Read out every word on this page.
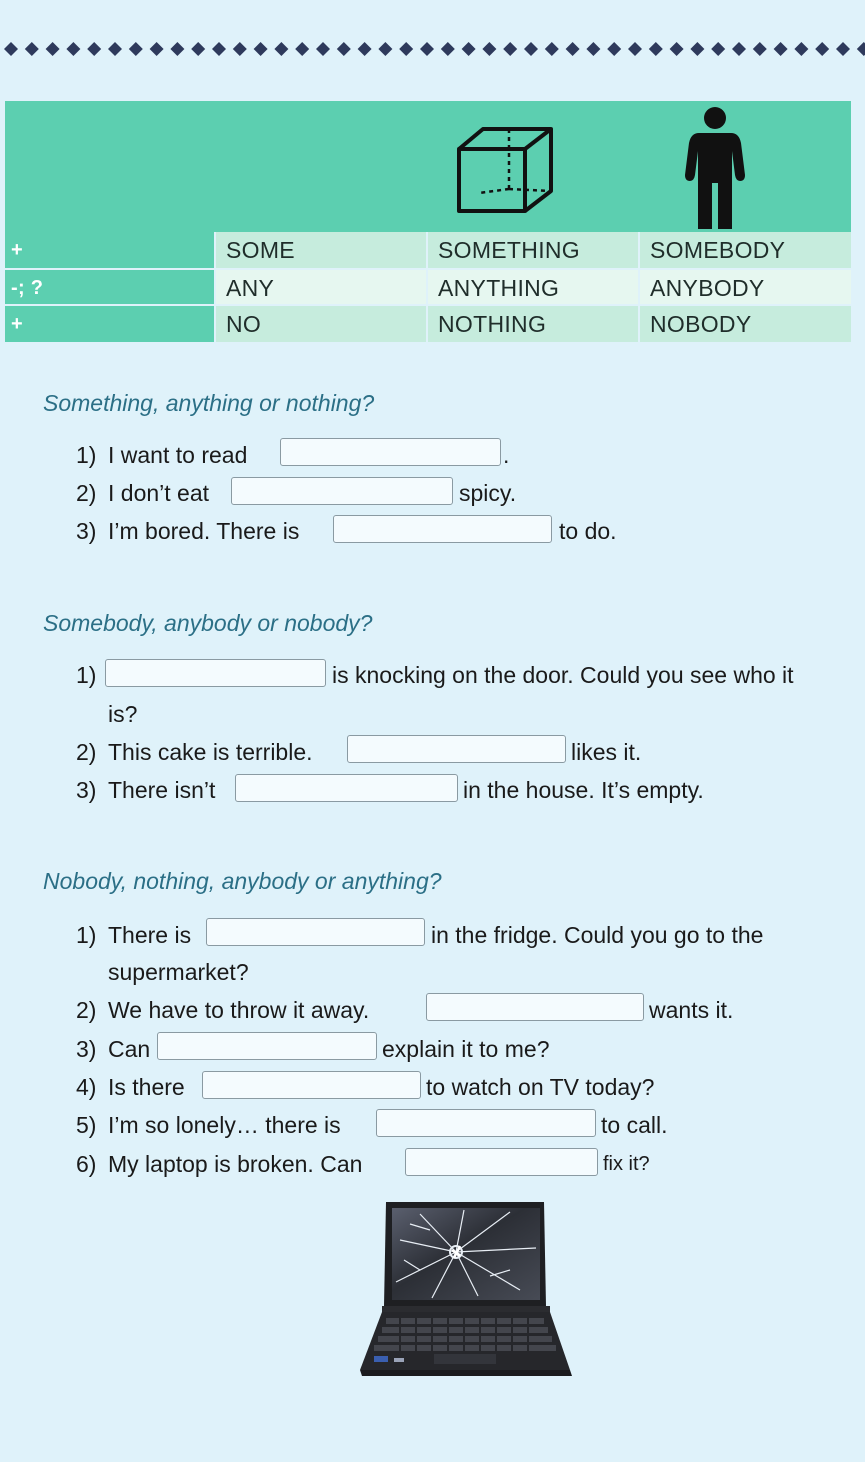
+	SOME	SOMETHING	SOMEBODY
-; ?	ANY	ANYTHING	ANYBODY
+	NO	NOTHING	NOBODY
Something, anything or nothing?
1) I want to read	.
2) I don’t eat	spicy.
3) I’m bored. There is	to do.
Somebody, anybody or nobody?
1)	is knocking on the door. Could you see who it
is?
2) This cake is terrible.	likes it.
3) There isn’t	in the house. It’s empty.
Nobody, nothing, anybody or anything?
1) There is	in the fridge. Could you go to the
supermarket?
2) We have to throw it away.	wants it.
3) Can	explain it to me?
4) Is there	to watch on TV today?
5) I’m so lonely… there is	to call.
6) My laptop is broken. Can	fix it?
